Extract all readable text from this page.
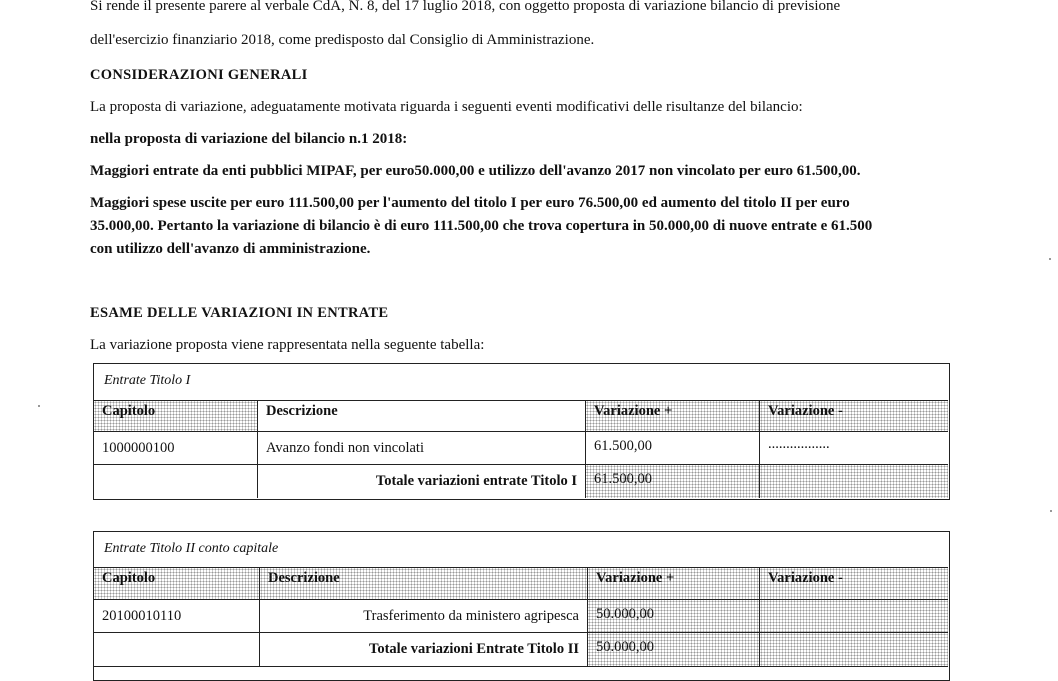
Si rende il presente parere al verbale CdA, N. 8, del 17 luglio 2018, con oggetto proposta di variazione bilancio di previsione
dell'esercizio finanziario 2018, come predisposto dal Consiglio di Amministrazione.
CONSIDERAZIONI GENERALI
La proposta di variazione, adeguatamente motivata riguarda i seguenti eventi modificativi delle risultanze del bilancio:
nella proposta di variazione del bilancio n.1 2018:
Maggiori entrate da enti pubblici MIPAF, per euro50.000,00 e utilizzo dell'avanzo 2017 non vincolato per euro 61.500,00.
Maggiori spese uscite per euro 111.500,00 per l'aumento del titolo I per euro 76.500,00 ed aumento del titolo II per euro
35.000,00. Pertanto la variazione di bilancio è di euro 111.500,00 che trova copertura in 50.000,00 di nuove entrate e 61.500
con utilizzo dell'avanzo di amministrazione.
ESAME DELLE VARIAZIONI IN ENTRATE
La variazione proposta viene rappresentata nella seguente tabella:
Entrate Titolo I
Capitolo	Descrizione	Variazione +	Variazione -
1000000100	Avanzo fondi non vincolati	61.500,00	.................
Totale variazioni entrate Titolo I	61.500,00
Entrate Titolo II conto capitale
Capitolo	Descrizione	Variazione +	Variazione -
20100010110	Trasferimento da ministero agripesca	50.000,00
Totale variazioni Entrate Titolo II	50.000,00
